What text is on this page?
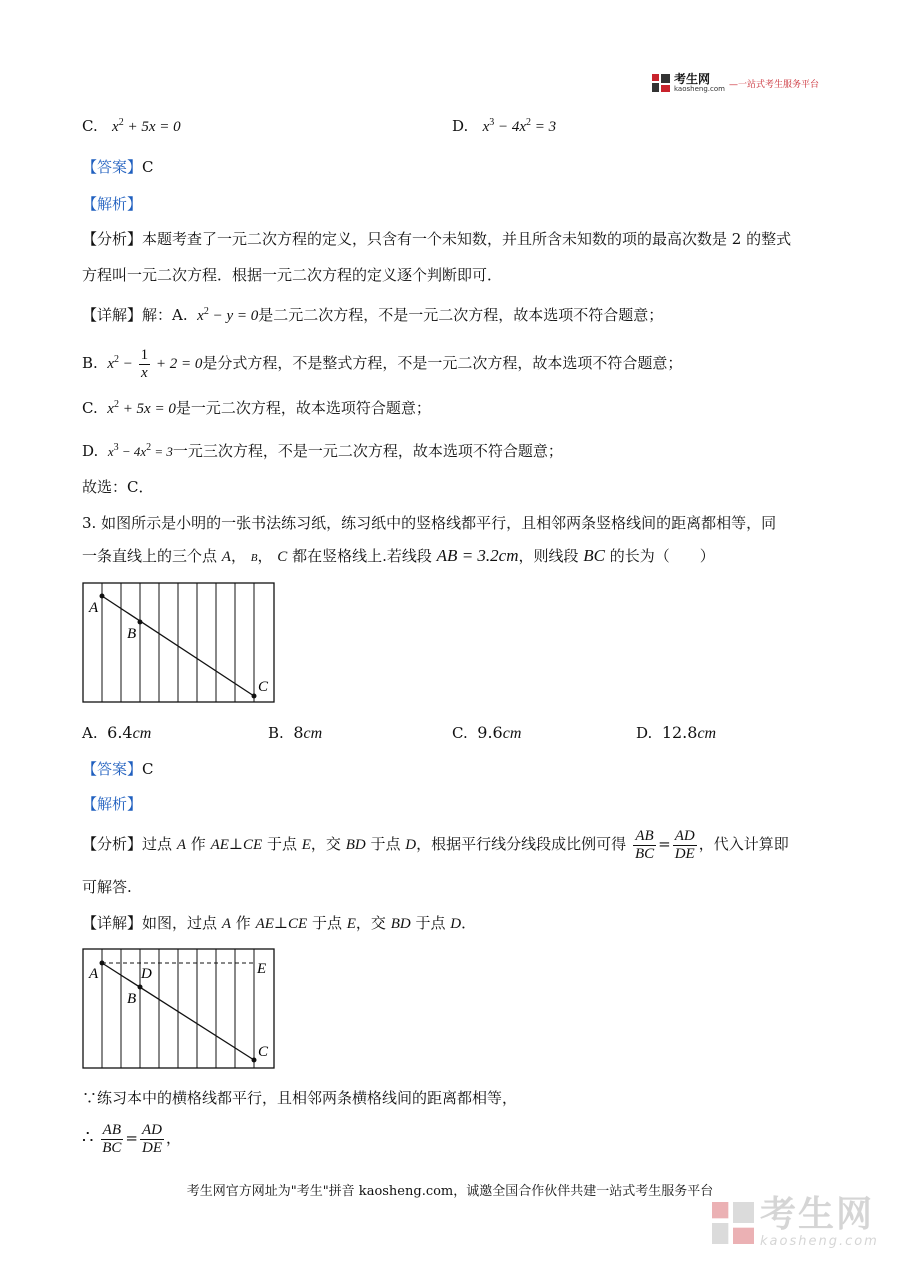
考生网
kaosheng.com —一站式考生服务平台
C. $x^2 + 5x = 0$	D. $x^3 - 4x^2 = 3$
【答案】C
【解析】
【分析】本题考查了一元二次方程的定义，只含有一个未知数，并且所含未知数的项的最高次数是 2 的整式
方程叫一元二次方程．根据一元二次方程的定义逐个判断即可．
【详解】解：A. $x^2 - y = 0$是二元二次方程，不是一元二次方程，故本选项不符合题意；
B. $x^2 - \frac{1}{x} + 2 = 0$是分式方程，不是整式方程，不是一元二次方程，故本选项不符合题意；
C. $x^2 + 5x = 0$是一元二次方程，故本选项符合题意；
D. $x^3 - 4x^2 = 3$一元三次方程，不是一元二次方程，故本选项不符合题意；
故选：C．
3. 如图所示是小明的一张书法练习纸，练习纸中的竖格线都平行，且相邻两条竖格线间的距离都相等，同
一条直线上的三个点 A， B， C 都在竖格线上.若线段 AB = 3.2cm，则线段 BC 的长为（　　）
A
B
C
A. 6.4cm	B. 8cm	C. 9.6cm	D. 12.8cm
【答案】C
【解析】
【分析】过点 A 作 AE⊥CE 于点 E，交 BD 于点 D，根据平行线分线段成比例可得 $\frac{AB}{BC} = \frac{AD}{DE}$ ，代入计算即
可解答.
【详解】如图，过点 A 作 AE⊥CE 于点 E，交 BD 于点 D．
A	D
B
E
C
∵练习本中的横格线都平行，且相邻两条横格线间的距离都相等，
∴ $\frac{AB}{BC} = \frac{AD}{DE}$ ，
考生网官方网址为"考生"拼音 kaosheng.com，诚邀全国合作伙伴共建一站式考生服务平台
考生网
kaosheng.com
